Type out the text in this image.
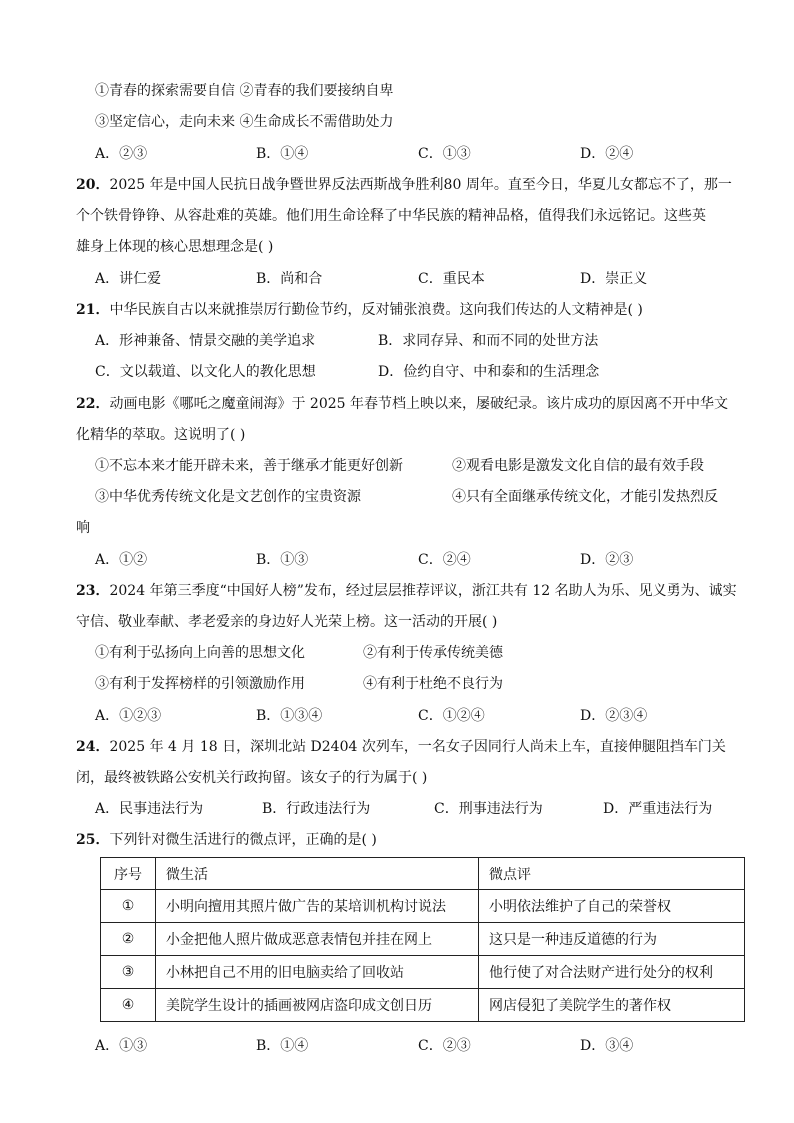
①青春的探索需要自信 ②青春的我们要接纳自卑
③坚定信心，走向未来 ④生命成长不需借助处力
A．②③	B．①④	C．①③	D．②④
20．2025 年是中国人民抗日战争暨世界反法西斯战争胜利80 周年。直至今日，华夏儿女都忘不了，那一
个个铁骨铮铮、从容赴难的英雄。他们用生命诠释了中华民族的精神品格，值得我们永远铭记。这些英
雄身上体现的核心思想理念是( )
A．讲仁爱	B．尚和合	C．重民本	D．崇正义
21．中华民族自古以来就推崇厉行勤俭节约，反对铺张浪费。这向我们传达的人文精神是( )
A．形神兼备、情景交融的美学追求	B．求同存异、和而不同的处世方法
C．文以载道、以文化人的教化思想	D．俭约自守、中和泰和的生活理念
22．动画电影《哪吒之魔童闹海》于 2025 年春节档上映以来，屡破纪录。该片成功的原因离不开中华文
化精华的萃取。这说明了( )
①不忘本来才能开辟未来，善于继承才能更好创新	②观看电影是激发文化自信的最有效手段
③中华优秀传统文化是文艺创作的宝贵资源	④只有全面继承传统文化，才能引发热烈反
响
A．①②	B．①③	C．②④	D．②③
23．2024 年第三季度“中国好人榜”发布，经过层层推荐评议，浙江共有 12 名助人为乐、见义勇为、诚实
守信、敬业奉献、孝老爱亲的身边好人光荣上榜。这一活动的开展( )
①有利于弘扬向上向善的思想文化	②有利于传承传统美德
③有利于发挥榜样的引领激励作用	④有利于杜绝不良行为
A．①②③	B．①③④	C．①②④	D．②③④
24．2025 年 4 月 18 日，深圳北站 D2404 次列车，一名女子因同行人尚未上车，直接伸腿阻挡车门关
闭，最终被铁路公安机关行政拘留。该女子的行为属于( )
A．民事违法行为	B．行政违法行为	C．刑事违法行为	D．严重违法行为
25．下列针对微生活进行的微点评，正确的是( )
序号	微生活	微点评
①	小明向擅用其照片做广告的某培训机构讨说法	小明依法维护了自己的荣誉权
②	小金把他人照片做成恶意表情包并挂在网上	这只是一种违反道德的行为
③	小林把自己不用的旧电脑卖给了回收站	他行使了对合法财产进行处分的权利
④	美院学生设计的插画被网店盗印成文创日历	网店侵犯了美院学生的著作权
A．①③	B．①④	C．②③	D．③④
